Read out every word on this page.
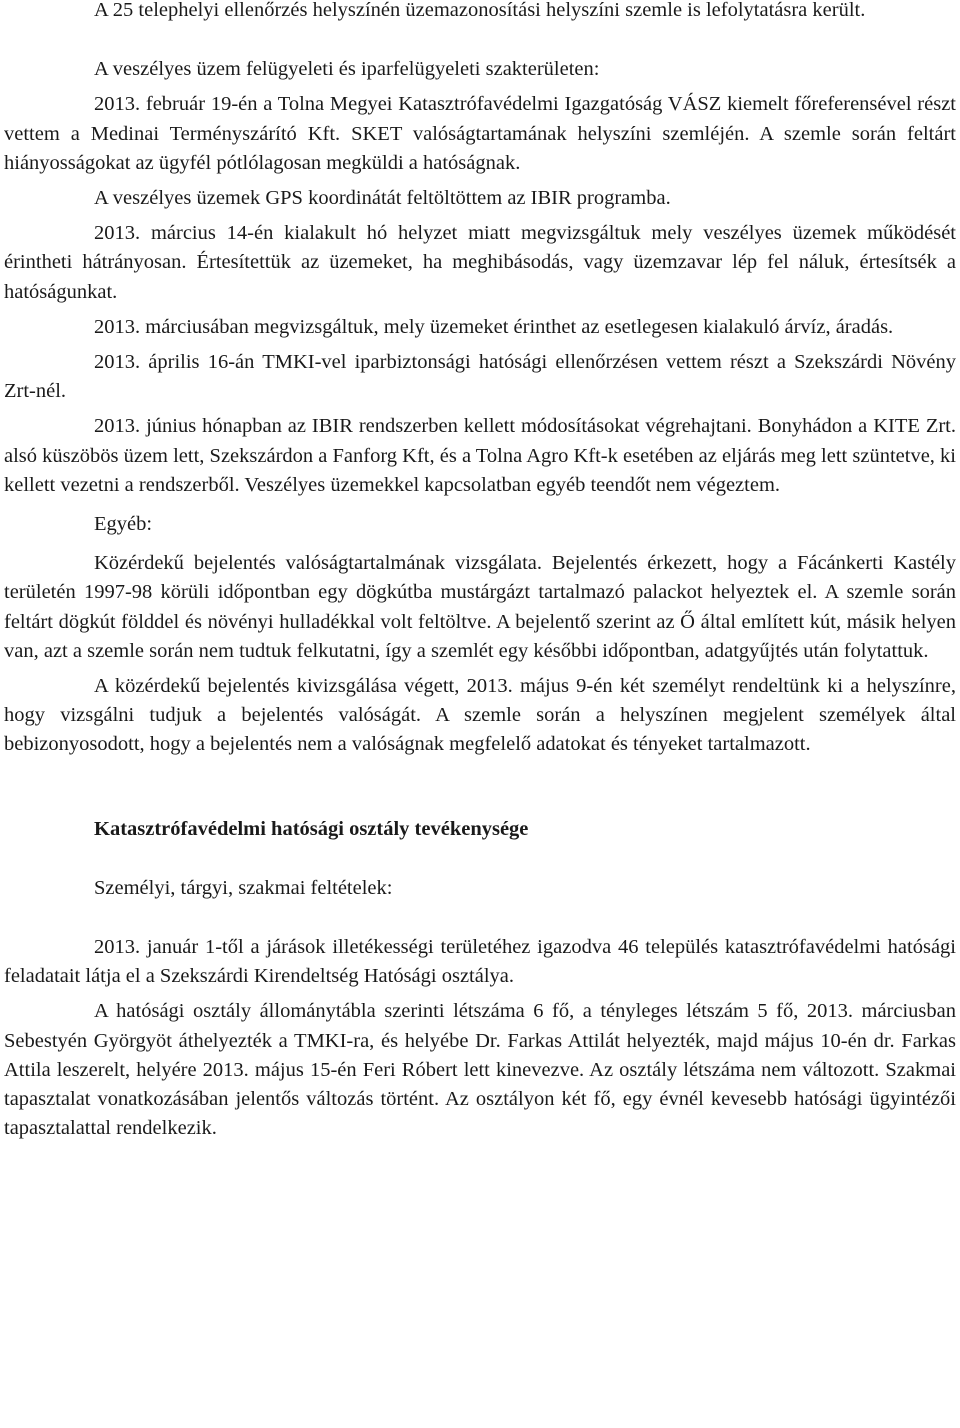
A 25 telephelyi ellenőrzés helyszínén üzemazonosítási helyszíni szemle is lefolytatásra került.

A veszélyes üzem felügyeleti és iparfelügyeleti szakterületen:

2013. február 19-én a Tolna Megyei Katasztrófavédelmi Igazgatóság VÁSZ kiemelt főreferensével részt vettem a Medinai Terményszárító Kft. SKET valóságtartamának helyszíni szemléjén. A szemle során feltárt hiányosságokat az ügyfél pótlólagosan megküldi a hatóságnak.

A veszélyes üzemek GPS koordinátát feltöltöttem az IBIR programba.

2013. március 14-én kialakult hó helyzet miatt megvizsgáltuk mely veszélyes üzemek működését érintheti hátrányosan. Értesítettük az üzemeket, ha meghibásodás, vagy üzemzavar lép fel náluk, értesítsék a hatóságunkat.

2013. márciusában megvizsgáltuk, mely üzemeket érinthet az esetlegesen kialakuló árvíz, áradás.

2013. április 16-án TMKI-vel iparbiztonsági hatósági ellenőrzésen vettem részt a Szekszárdi Növény Zrt-nél.

2013. június hónapban az IBIR rendszerben kellett módosításokat végrehajtani. Bonyhádon a KITE Zrt. alsó küszöbös üzem lett, Szekszárdon a Fanforg Kft, és a Tolna Agro Kft-k esetében az eljárás meg lett szüntetve, ki kellett vezetni a rendszerből. Veszélyes üzemekkel kapcsolatban egyéb teendőt nem végeztem.

Egyéb:

Közérdekű bejelentés valóságtartalmának vizsgálata. Bejelentés érkezett, hogy a Fácánkerti Kastély területén 1997-98 körüli időpontban egy dögkútba mustárgázt tartalmazó palackot helyeztek el. A szemle során feltárt dögkút földdel és növényi hulladékkal volt feltöltve. A bejelentő szerint az Ő által említett kút, másik helyen van, azt a szemle során nem tudtuk felkutatni, így a szemlét egy későbbi időpontban, adatgyűjtés után folytattuk.

A közérdekű bejelentés kivizsgálása végett, 2013. május 9-én két személyt rendeltünk ki a helyszínre, hogy vizsgálni tudjuk a bejelentés valóságát. A szemle során a helyszínen megjelent személyek által bebizonyosodott, hogy a bejelentés nem a valóságnak megfelelő adatokat és tényeket tartalmazott.

Katasztrófavédelmi hatósági osztály tevékenysége

Személyi, tárgyi, szakmai feltételek:

2013. január 1-től a járások illetékességi területéhez igazodva 46 település katasztrófavédelmi hatósági feladatait látja el a Szekszárdi Kirendeltség Hatósági osztálya.

A hatósági osztály állománytábla szerinti létszáma 6 fő, a tényleges létszám 5 fő, 2013. márciusban Sebestyén Györgyöt áthelyezték a TMKI-ra, és helyébe Dr. Farkas Attilát helyezték, majd május 10-én dr. Farkas Attila leszerelt, helyére 2013. május 15-én Feri Róbert lett kinevezve. Az osztály létszáma nem változott. Szakmai tapasztalat vonatkozásában jelentős változás történt. Az osztályon két fő, egy évnél kevesebb hatósági ügyintézői tapasztalattal rendelkezik.
